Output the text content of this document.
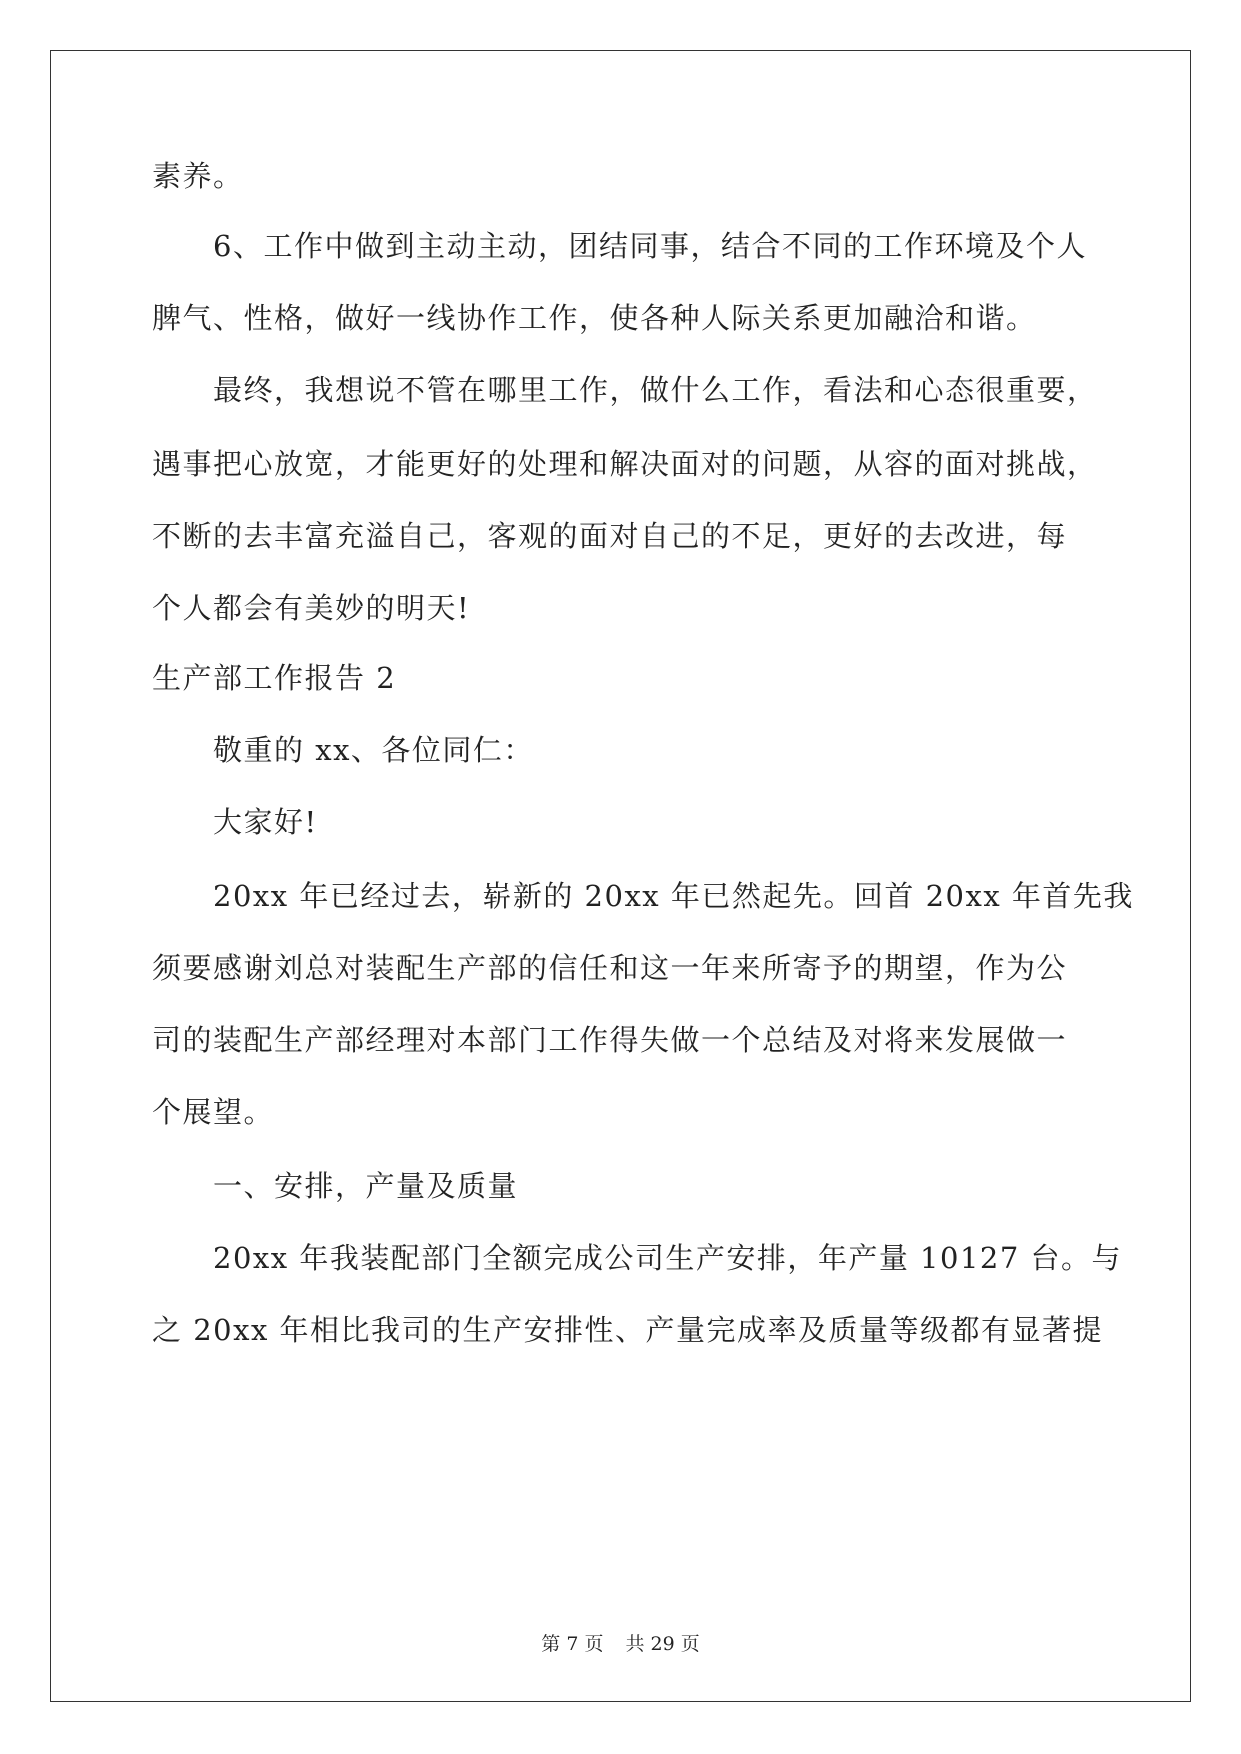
素养。
6、工作中做到主动主动，团结同事，结合不同的工作环境及个人
脾气、性格，做好一线协作工作，使各种人际关系更加融洽和谐。
最终，我想说不管在哪里工作，做什么工作，看法和心态很重要，
遇事把心放宽，才能更好的处理和解决面对的问题，从容的面对挑战，
不断的去丰富充溢自己，客观的面对自己的不足，更好的去改进，每
个人都会有美妙的明天!
生产部工作报告 2
敬重的 xx、各位同仁：
大家好!
20xx 年已经过去，崭新的 20xx 年已然起先。回首 20xx 年首先我
须要感谢刘总对装配生产部的信任和这一年来所寄予的期望，作为公
司的装配生产部经理对本部门工作得失做一个总结及对将来发展做一
个展望。
一、安排，产量及质量
20xx 年我装配部门全额完成公司生产安排，年产量 10127 台。与
之 20xx 年相比我司的生产安排性、产量完成率及质量等级都有显著提
第 7 页 共 29 页
